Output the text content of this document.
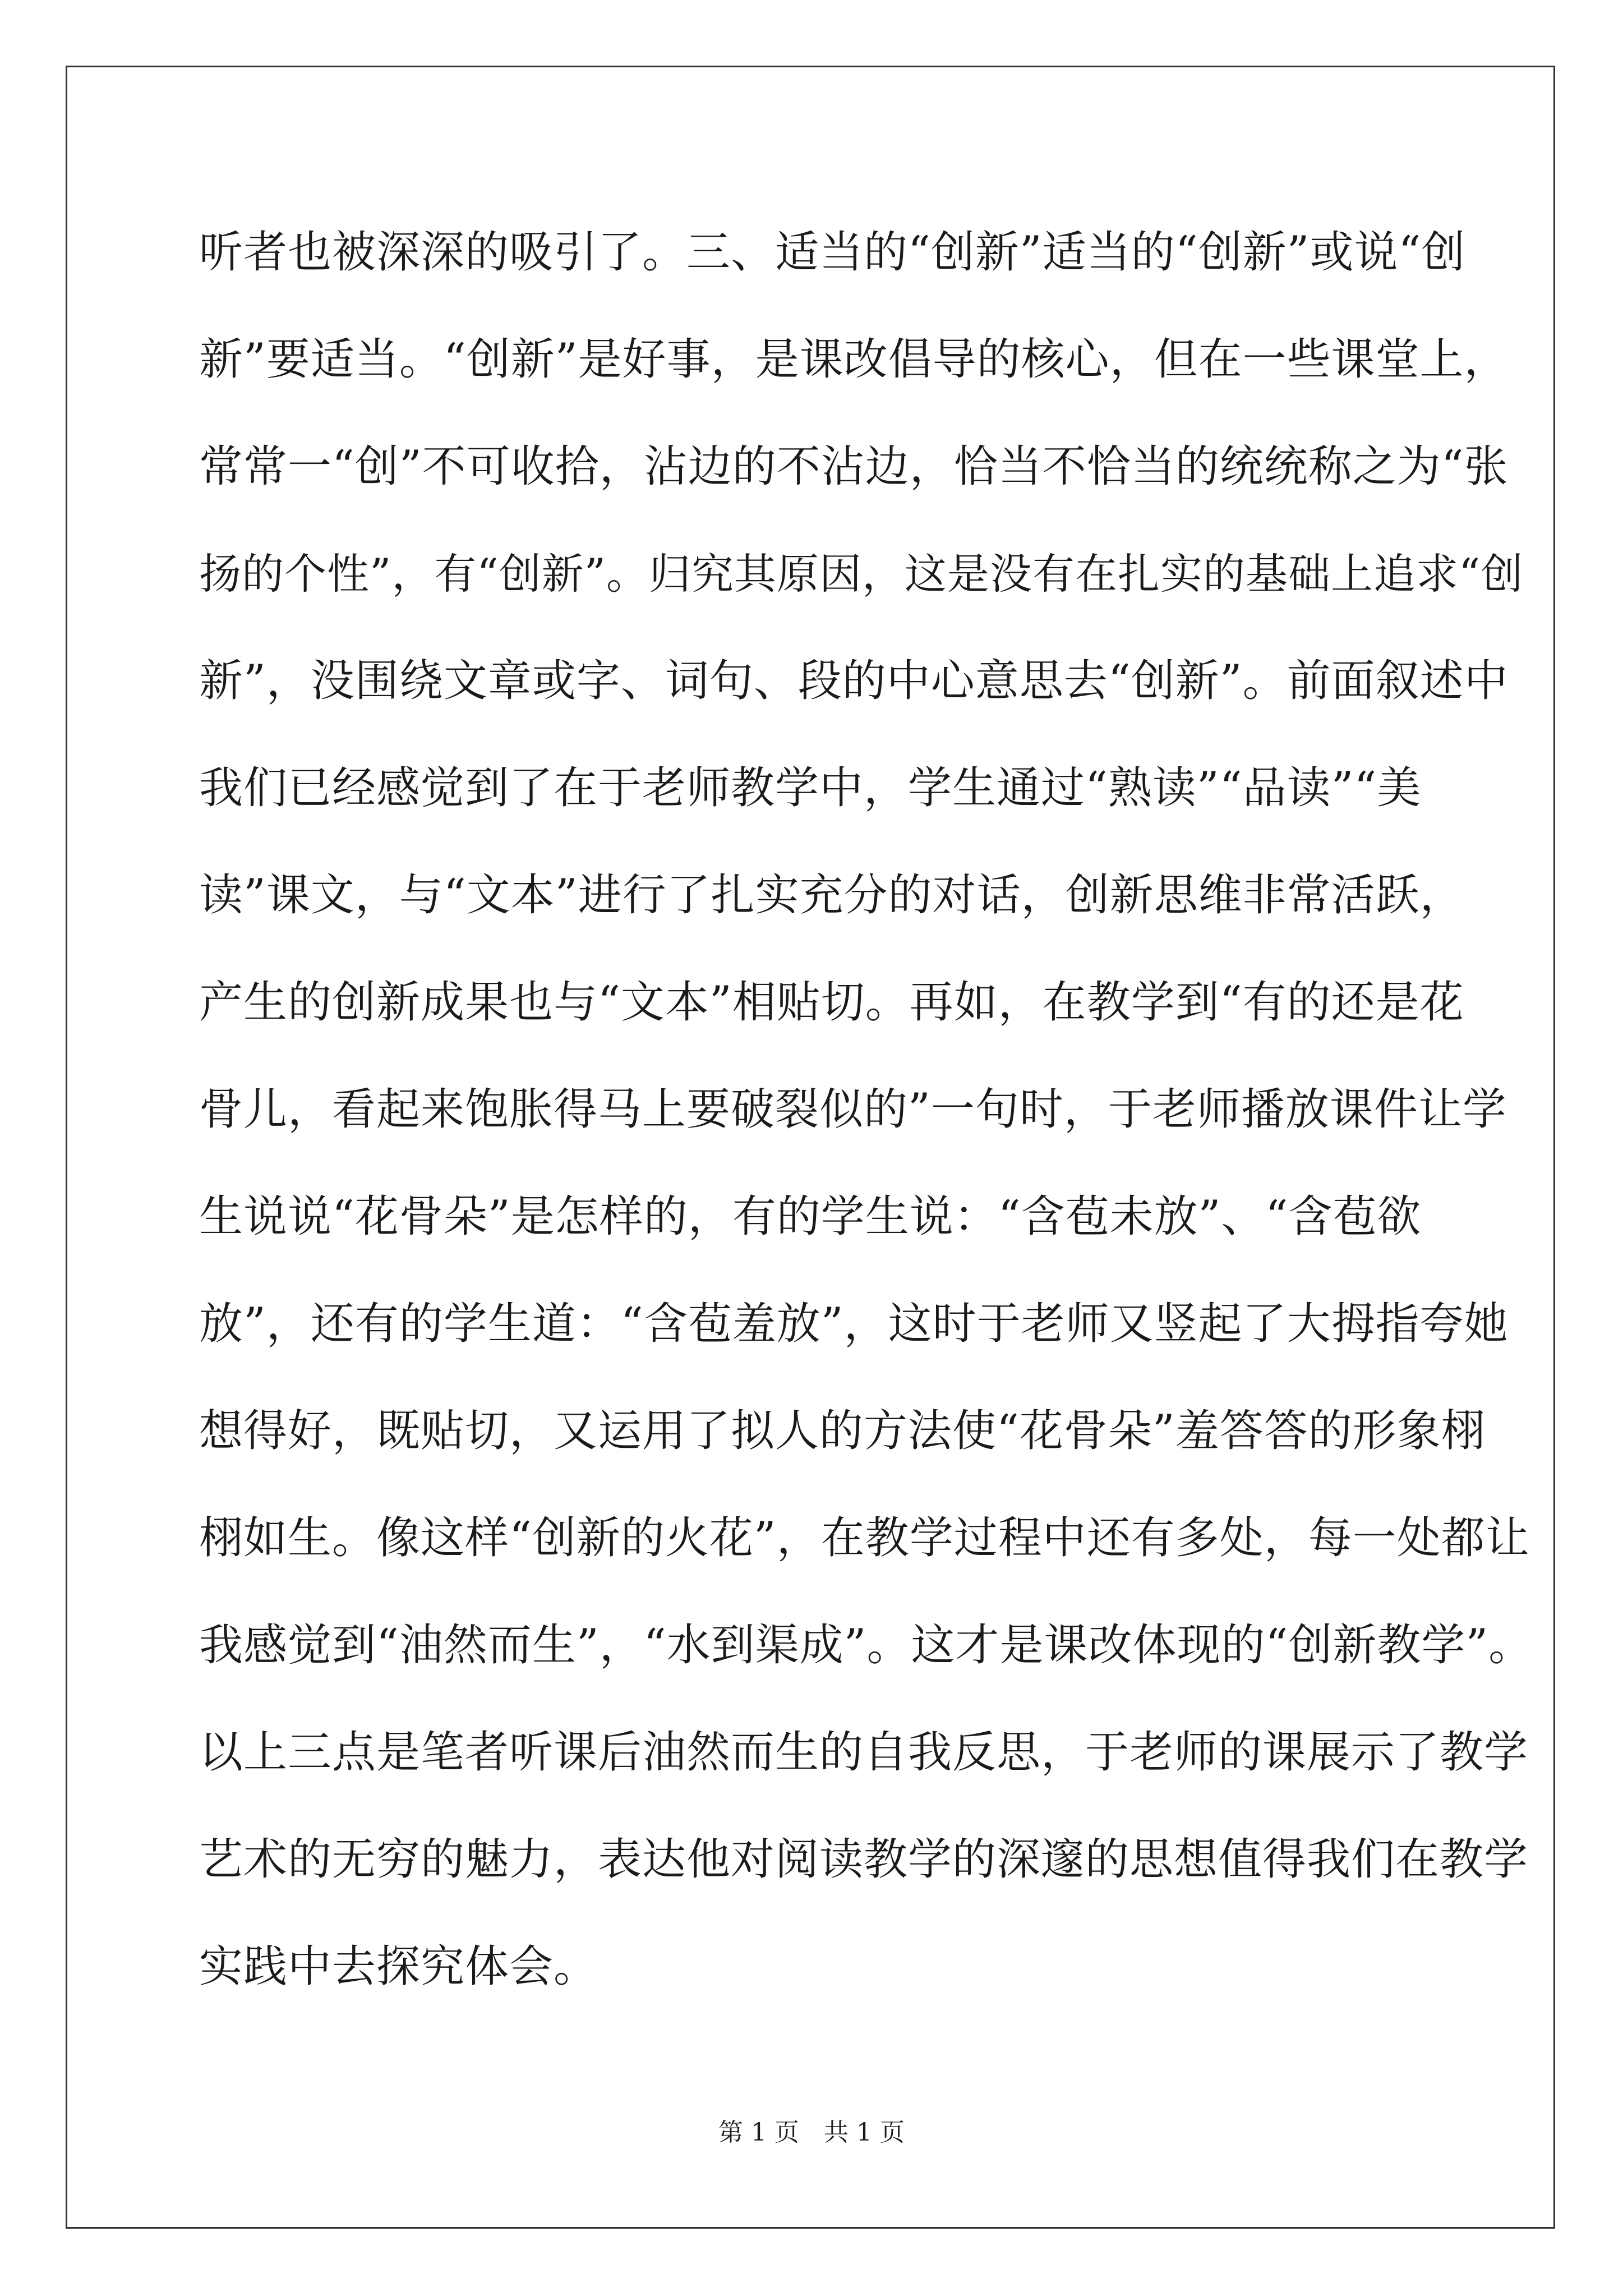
听者也被深深的吸引了。三、适当的“创新”适当的“创新”或说“创
新”要适当。“创新”是好事，是课改倡导的核心，但在一些课堂上，
常常一“创”不可收拾，沾边的不沾边，恰当不恰当的统统称之为“张
扬的个性”，有“创新”。归究其原因，这是没有在扎实的基础上追求“创
新”，没围绕文章或字、词句、段的中心意思去“创新”。前面叙述中
我们已经感觉到了在于老师教学中，学生通过“熟读”“品读”“美
读”课文，与“文本”进行了扎实充分的对话，创新思维非常活跃，
产生的创新成果也与“文本”相贴切。再如，在教学到“有的还是花
骨儿，看起来饱胀得马上要破裂似的”一句时，于老师播放课件让学
生说说“花骨朵”是怎样的，有的学生说：“含苞未放”、“含苞欲
放”，还有的学生道：“含苞羞放”，这时于老师又竖起了大拇指夸她
想得好，既贴切，又运用了拟人的方法使“花骨朵”羞答答的形象栩
栩如生。像这样“创新的火花”，在教学过程中还有多处，每一处都让
我感觉到“油然而生”，“水到渠成”。这才是课改体现的“创新教学”。
以上三点是笔者听课后油然而生的自我反思，于老师的课展示了教学
艺术的无穷的魅力，表达他对阅读教学的深邃的思想值得我们在教学
实践中去探究体会。
第 1 页　共 1 页
